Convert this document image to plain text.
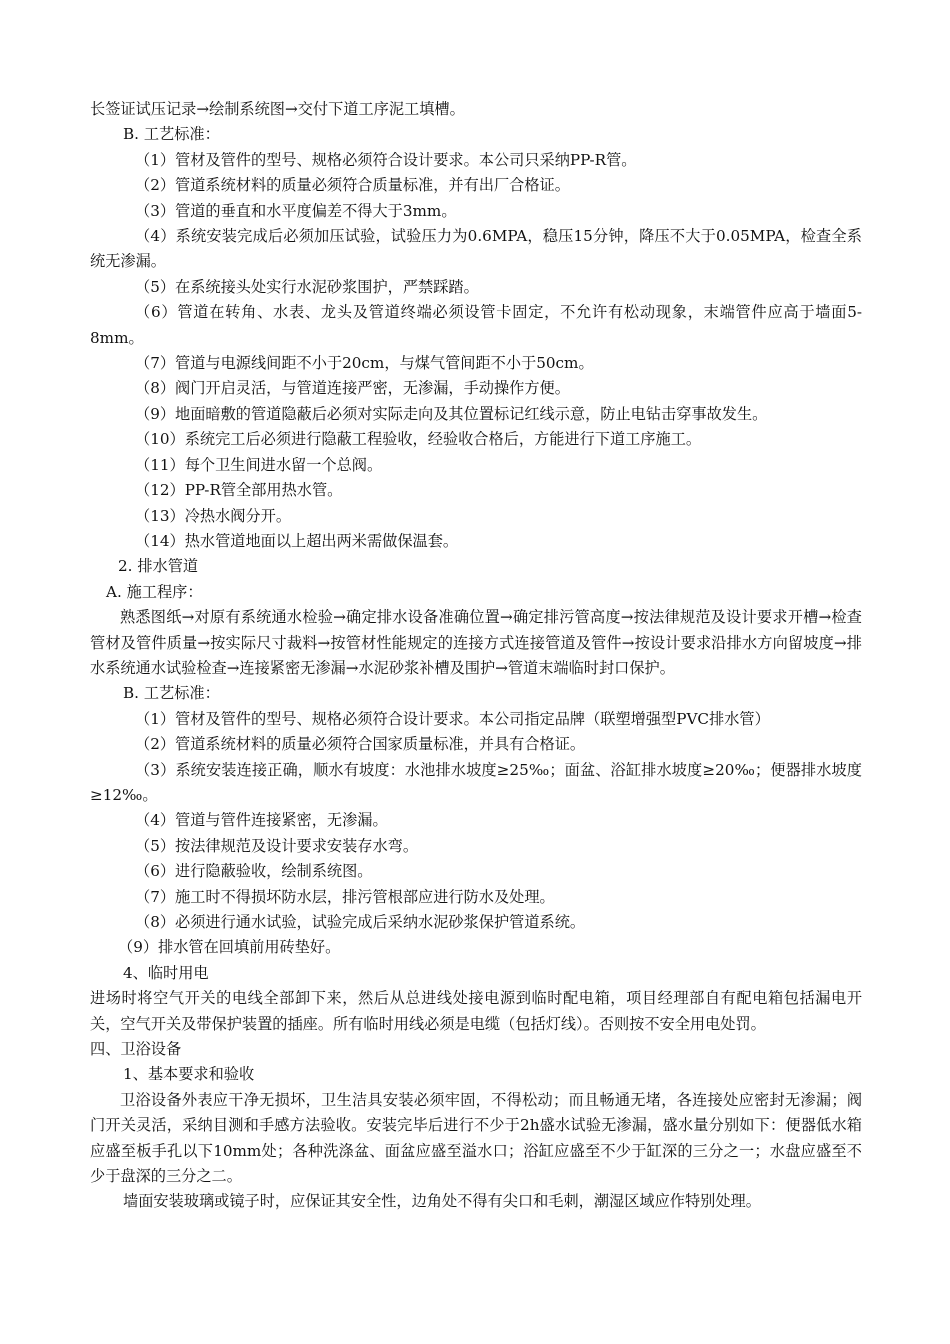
长签证试压记录→绘制系统图→交付下道工序泥工填槽。
B. 工艺标准：
（1）管材及管件的型号、规格必须符合设计要求。本公司只采纳PP-R管。
（2）管道系统材料的质量必须符合质量标准，并有出厂合格证。
（3）管道的垂直和水平度偏差不得大于3mm。
（4）系统安装完成后必须加压试验，试验压力为0.6MPA，稳压15分钟，降压不大于0.05MPA，检查全系统无渗漏。
（5）在系统接头处实行水泥砂浆围护，严禁踩踏。
（6）管道在转角、水表、龙头及管道终端必须设管卡固定，不允许有松动现象，末端管件应高于墙面5-8mm。
（7）管道与电源线间距不小于20cm，与煤气管间距不小于50cm。
（8）阀门开启灵活，与管道连接严密，无渗漏，手动操作方便。
（9）地面暗敷的管道隐蔽后必须对实际走向及其位置标记红线示意，防止电钻击穿事故发生。
（10）系统完工后必须进行隐蔽工程验收，经验收合格后，方能进行下道工序施工。
（11）每个卫生间进水留一个总阀。
（12）PP-R管全部用热水管。
（13）冷热水阀分开。
（14）热水管道地面以上超出两米需做保温套。
2. 排水管道
A. 施工程序：
熟悉图纸→对原有系统通水检验→确定排水设备准确位置→确定排污管高度→按法律规范及设计要求开槽→检查管材及管件质量→按实际尺寸裁料→按管材性能规定的连接方式连接管道及管件→按设计要求沿排水方向留坡度→排水系统通水试验检查→连接紧密无渗漏→水泥砂浆补槽及围护→管道末端临时封口保护。
B. 工艺标准：
（1）管材及管件的型号、规格必须符合设计要求。本公司指定品牌（联塑增强型PVC排水管）
（2）管道系统材料的质量必须符合国家质量标准，并具有合格证。
（3）系统安装连接正确，顺水有坡度：水池排水坡度≥25‰；面盆、浴缸排水坡度≥20‰；便器排水坡度≥12‰。
（4）管道与管件连接紧密，无渗漏。
（5）按法律规范及设计要求安装存水弯。
（6）进行隐蔽验收，绘制系统图。
（7）施工时不得损坏防水层，排污管根部应进行防水及处理。
（8）必须进行通水试验，试验完成后采纳水泥砂浆保护管道系统。
（9）排水管在回填前用砖垫好。
4、临时用电
进场时将空气开关的电线全部卸下来，然后从总进线处接电源到临时配电箱，项目经理部自有配电箱包括漏电开关，空气开关及带保护装置的插座。所有临时用线必须是电缆（包括灯线）。否则按不安全用电处罚。
四、卫浴设备
1、基本要求和验收
卫浴设备外表应干净无损坏，卫生洁具安装必须牢固，不得松动；而且畅通无堵，各连接处应密封无渗漏；阀门开关灵活，采纳目测和手感方法验收。安装完毕后进行不少于2h盛水试验无渗漏，盛水量分别如下：便器低水箱应盛至板手孔以下10mm处；各种洗涤盆、面盆应盛至溢水口；浴缸应盛至不少于缸深的三分之一；水盘应盛至不少于盘深的三分之二。
墙面安装玻璃或镜子时，应保证其安全性，边角处不得有尖口和毛刺，潮湿区域应作特别处理。
